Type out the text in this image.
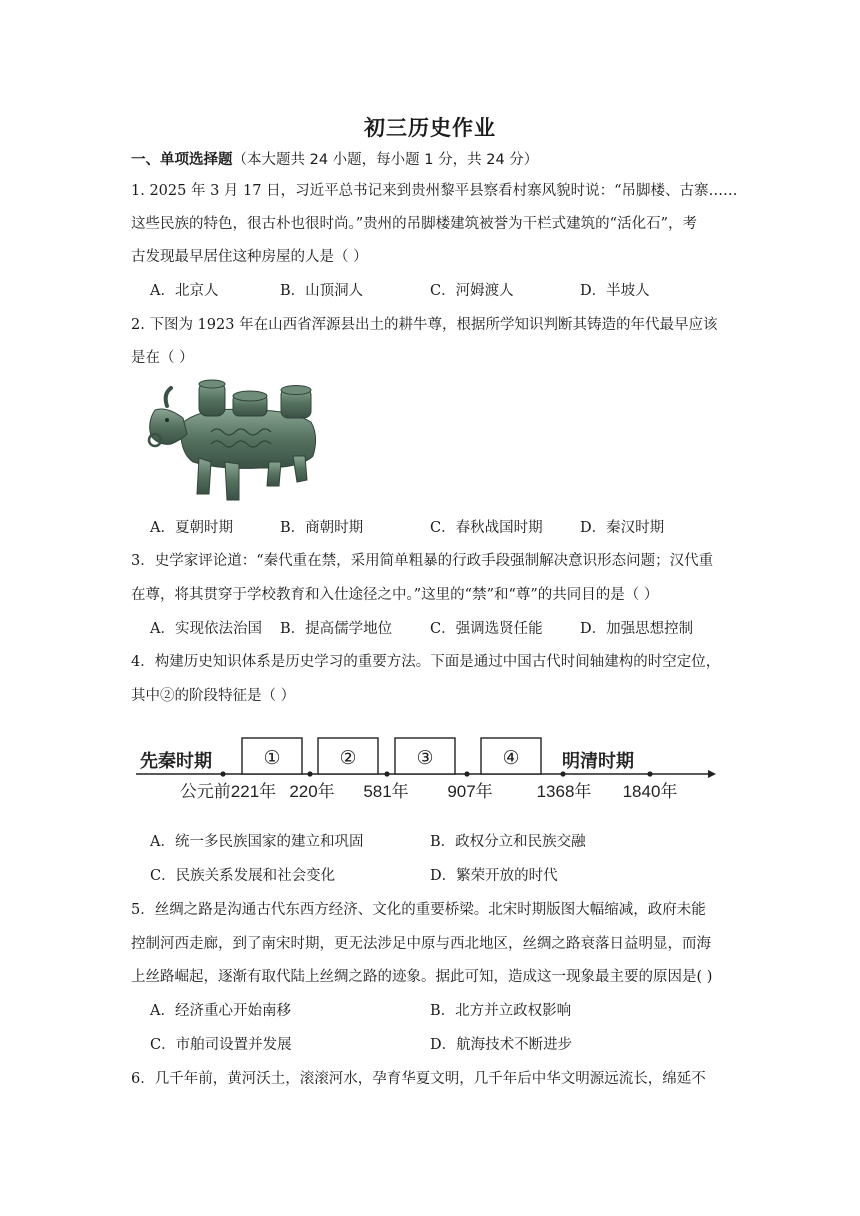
初三历史作业
一、单项选择题（本大题共 24 小题，每小题 1 分，共 24 分）
1. 2025 年 3 月 17 日，习近平总书记来到贵州黎平县察看村寨风貌时说：“吊脚楼、古寨……
这些民族的特色，很古朴也很时尚。”贵州的吊脚楼建筑被誉为干栏式建筑的“活化石”，考
古发现最早居住这种房屋的人是（ ）
A．北京人	B．山顶洞人	C．河姆渡人	D．半坡人
2. 下图为 1923 年在山西省浑源县出土的耕牛尊，根据所学知识判断其铸造的年代最早应该
是在（ ）
A．夏朝时期	B．商朝时期	C．春秋战国时期	D．秦汉时期
3．史学家评论道：“秦代重在禁，采用简单粗暴的行政手段强制解决意识形态问题；汉代重
在尊，将其贯穿于学校教育和入仕途径之中。”这里的“禁”和“尊”的共同目的是（ ）
A．实现依法治国 B．提高儒学地位	C．强调选贤任能	D．加强思想控制
4．构建历史知识体系是历史学习的重要方法。下面是通过中国古代时间轴建构的时空定位，
其中②的阶段特征是（ ）
先秦时期	明清时期
①	②	③	④
公元前221年 220年 581年 907年	1368年 1840年
A．统一多民族国家的建立和巩固	B．政权分立和民族交融
C．民族关系发展和社会变化	D．繁荣开放的时代
5．丝绸之路是沟通古代东西方经济、文化的重要桥梁。北宋时期版图大幅缩减，政府未能
控制河西走廊，到了南宋时期，更无法涉足中原与西北地区，丝绸之路衰落日益明显，而海
上丝路崛起，逐渐有取代陆上丝绸之路的迹象。据此可知，造成这一现象最主要的原因是( )
A．经济重心开始南移	B．北方并立政权影响
C．市舶司设置并发展	D．航海技术不断进步
6．几千年前，黄河沃土，滚滚河水，孕育华夏文明，几千年后中华文明源远流长，绵延不
